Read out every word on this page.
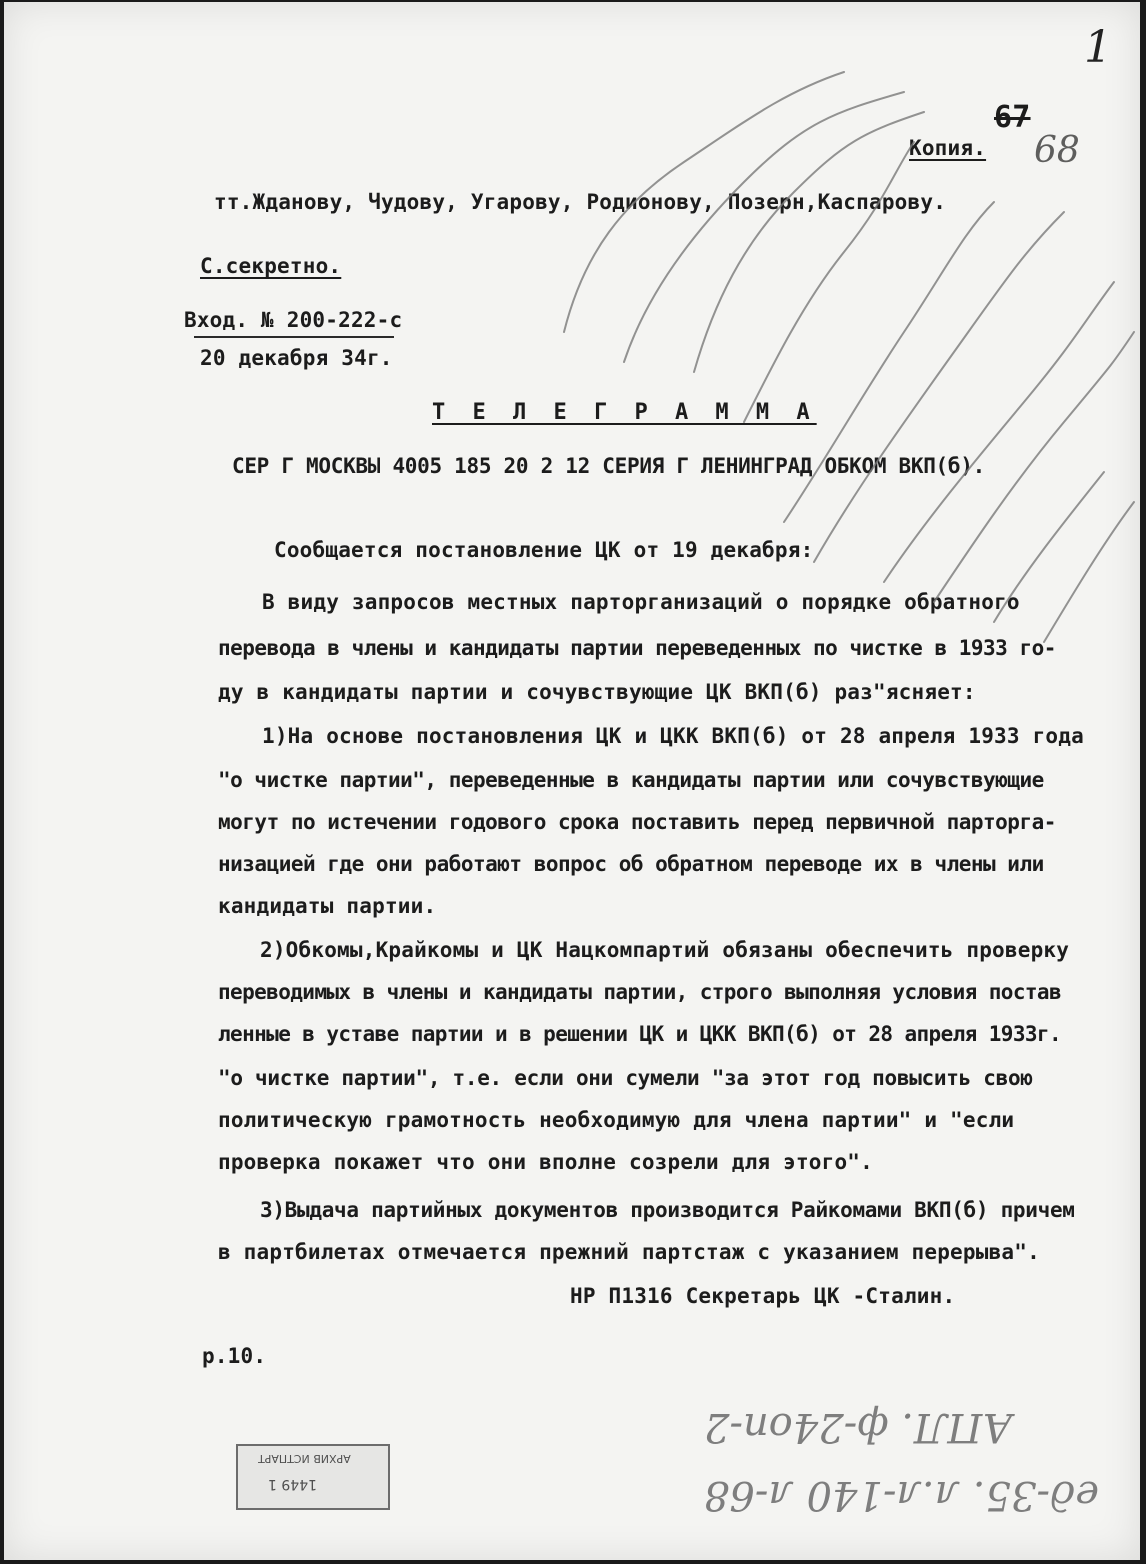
1
67
68
Копия.
тт.Жданову, Чудову, Угарову, Родионову, Позерн,Каспарову.
С.секретно.
Вход. № 200-222-с
20 декабря 34г.
Т Е Л Е Г Р А М М А
СЕР Г МОСКВЫ 4005 185 20 2 12 СЕРИЯ Г ЛЕНИНГРАД ОБКОМ ВКП(б).
Сообщается постановление ЦК от 19 декабря:
В виду запросов местных парторганизаций о порядке обратного
перевода в члены и кандидаты партии переведенных по чистке в 1933 го-
ду в кандидаты партии и сочувствующие ЦК ВКП(б) раз"ясняет:
1)На основе постановления ЦК и ЦКК ВКП(б) от 28 апреля 1933 года
"о чистке партии", переведенные в кандидаты партии или сочувствующие
могут по истечении годового срока поставить перед первичной парторга-
низацией где они работают вопрос об обратном переводе их в члены или
кандидаты партии.
2)Обкомы,Крайкомы и ЦК Нацкомпартий обязаны обеспечить проверку
переводимых в члены и кандидаты партии, строго выполняя условия постав
ленные в уставе партии и в решении ЦК и ЦКК ВКП(б) от 28 апреля 1933г.
"о чистке партии", т.е. если они сумели "за этот год повысить свою
политическую грамотность необходимую для члена партии" и "если
проверка покажет что они вполне созрели для этого".
3)Выдача партийных документов производится Райкомами ВКП(б) причем
в партбилетах отмечается прежний партстаж с указанием перерыва".
НР П1316 Секретарь ЦК -Сталин.
р.10.
АПЛ. ф-24оп-2
ед-35. л.л-140 л-68
АРХИВ ИСТПАРТ
1449 1
